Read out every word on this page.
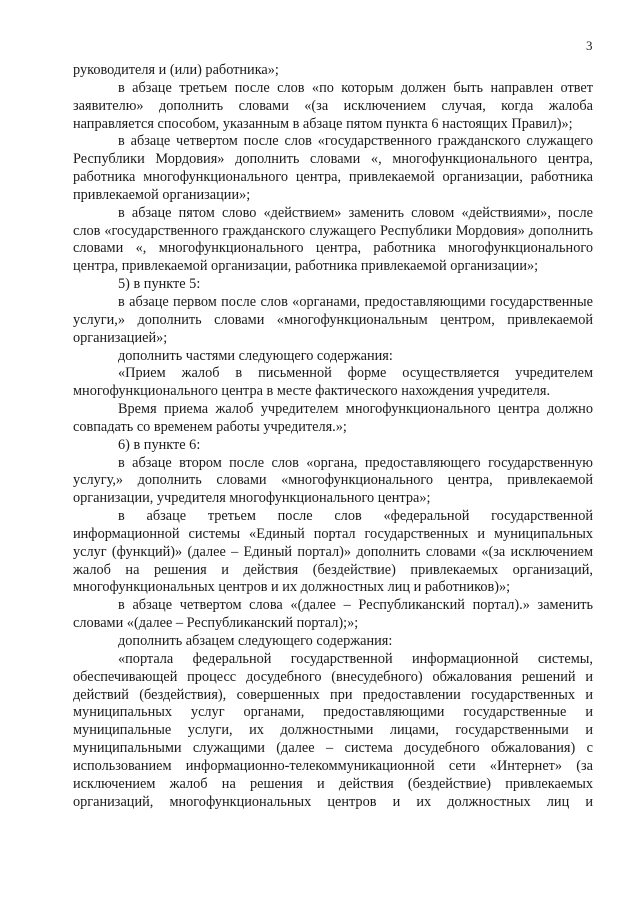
3

руководителя и (или) работника»;

в абзаце третьем после слов «по которым должен быть направлен ответ заявителю» дополнить словами «(за исключением случая, когда жалоба направляется способом, указанным в абзаце пятом пункта 6 настоящих Правил)»;

в абзаце четвертом после слов «государственного гражданского служащего Республики Мордовия» дополнить словами «, многофункционального центра, работника многофункционального центра, привлекаемой организации, работника привлекаемой организации»;

в абзаце пятом слово «действием» заменить словом «действиями», после слов «государственного гражданского служащего Республики Мордовия» дополнить словами «, многофункционального центра, работника многофункционального центра, привлекаемой организации, работника привлекаемой организации»;

5) в пункте 5:

в абзаце первом после слов «органами, предоставляющими государственные услуги,» дополнить словами «многофункциональным центром, привлекаемой организацией»;

дополнить частями следующего содержания:

«Прием жалоб в письменной форме осуществляется учредителем многофункционального центра в месте фактического нахождения учредителя.

Время приема жалоб учредителем многофункционального центра должно совпадать со временем работы учредителя.»;

6) в пункте 6:

в абзаце втором после слов «органа, предоставляющего государственную услугу,» дополнить словами «многофункционального центра, привлекаемой организации, учредителя многофункционального центра»;

в абзаце третьем после слов «федеральной государственной информационной системы «Единый портал государственных и муниципальных услуг (функций)» (далее – Единый портал)» дополнить словами «(за исключением жалоб на решения и действия (бездействие) привлекаемых организаций, многофункциональных центров и их должностных лиц и работников)»;

в абзаце четвертом слова «(далее – Республиканский портал).» заменить словами «(далее – Республиканский портал);»;

дополнить абзацем следующего содержания:

«портала федеральной государственной информационной системы, обеспечивающей процесс досудебного (внесудебного) обжалования решений и действий (бездействия), совершенных при предоставлении государственных и муниципальных услуг органами, предоставляющими государственные и муниципальные услуги, их должностными лицами, государственными и муниципальными служащими (далее – система досудебного обжалования) с использованием информационно-телекоммуникационной сети «Интернет» (за исключением жалоб на решения и действия (бездействие) привлекаемых организаций, многофункциональных центров и их должностных лиц и
